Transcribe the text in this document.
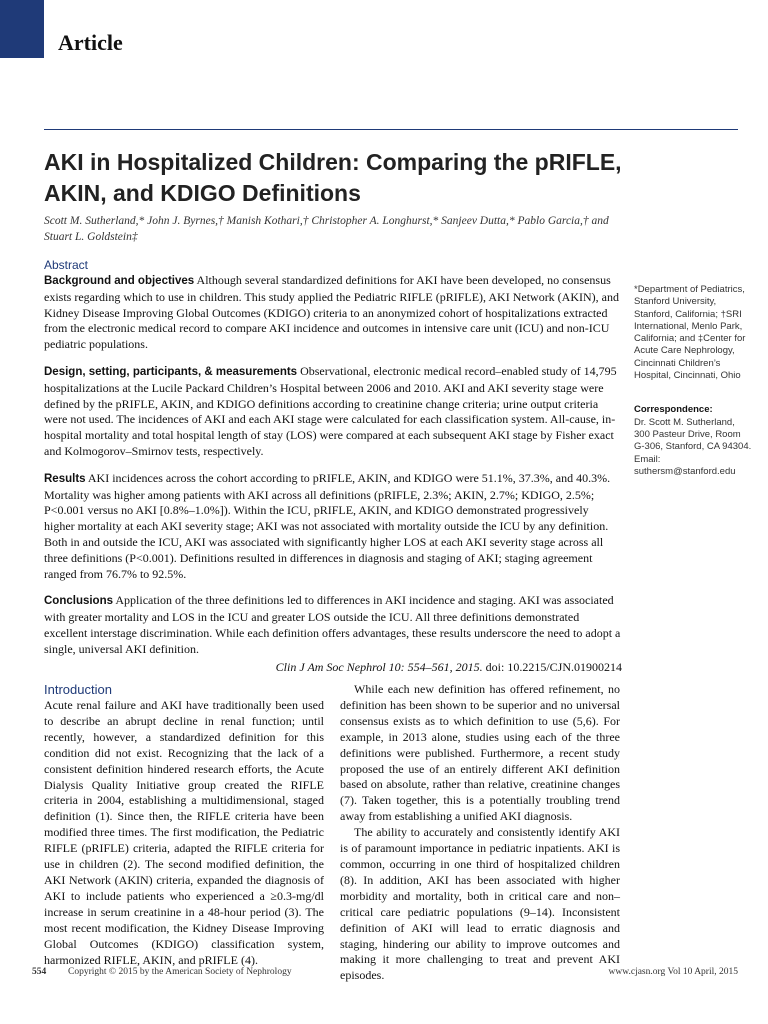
Article
AKI in Hospitalized Children: Comparing the pRIFLE, AKIN, and KDIGO Definitions
Scott M. Sutherland,* John J. Byrnes,† Manish Kothari,† Christopher A. Longhurst,* Sanjeev Dutta,* Pablo Garcia,† and Stuart L. Goldstein‡
Abstract

Background and objectives Although several standardized definitions for AKI have been developed, no consensus exists regarding which to use in children. This study applied the Pediatric RIFLE (pRIFLE), AKI Network (AKIN), and Kidney Disease Improving Global Outcomes (KDIGO) criteria to an anonymized cohort of hospitalizations extracted from the electronic medical record to compare AKI incidence and outcomes in intensive care unit (ICU) and non-ICU pediatric populations.

Design, setting, participants, & measurements Observational, electronic medical record–enabled study of 14,795 hospitalizations at the Lucile Packard Children’s Hospital between 2006 and 2010. AKI and AKI severity stage were defined by the pRIFLE, AKIN, and KDIGO definitions according to creatinine change criteria; urine output criteria were not used. The incidences of AKI and each AKI stage were calculated for each classification system. All-cause, in-hospital mortality and total hospital length of stay (LOS) were compared at each subsequent AKI stage by Fisher exact and Kolmogorov–Smirnov tests, respectively.

Results AKI incidences across the cohort according to pRIFLE, AKIN, and KDIGO were 51.1%, 37.3%, and 40.3%. Mortality was higher among patients with AKI across all definitions (pRIFLE, 2.3%; AKIN, 2.7%; KDIGO, 2.5%; P<0.001 versus no AKI [0.8%–1.0%]). Within the ICU, pRIFLE, AKIN, and KDIGO demonstrated progressively higher mortality at each AKI severity stage; AKI was not associated with mortality outside the ICU by any definition. Both in and outside the ICU, AKI was associated with significantly higher LOS at each AKI severity stage across all three definitions (P<0.001). Definitions resulted in differences in diagnosis and staging of AKI; staging agreement ranged from 76.7% to 92.5%.

Conclusions Application of the three definitions led to differences in AKI incidence and staging. AKI was associated with greater mortality and LOS in the ICU and greater LOS outside the ICU. All three definitions demonstrated excellent interstage discrimination. While each definition offers advantages, these results underscore the need to adopt a single, universal AKI definition.

Clin J Am Soc Nephrol 10: 554–561, 2015. doi: 10.2215/CJN.01900214

*Department of Pediatrics, Stanford University, Stanford, California; †SRI International, Menlo Park, California; and ‡Center for Acute Care Nephrology, Cincinnati Children’s Hospital, Cincinnati, Ohio
Correspondence:
Dr. Scott M. Sutherland, 300 Pasteur Drive, Room G-306, Stanford, CA 94304. Email: suthersm@stanford.edu
Introduction

Acute renal failure and AKI have traditionally been used to describe an abrupt decline in renal function; until recently, however, a standardized definition for this condition did not exist. Recognizing that the lack of a consistent definition hindered research efforts, the Acute Dialysis Quality Initiative group created the RIFLE criteria in 2004, establishing a multidimensional, staged definition (1). Since then, the RIFLE criteria have been modified three times. The first modification, the Pediatric RIFLE (pRIFLE) criteria, adapted the RIFLE criteria for use in children (2). The second modified definition, the AKI Network (AKIN) criteria, expanded the diagnosis of AKI to include patients who experienced a ≥0.3-mg/dl increase in serum creatinine in a 48-hour period (3). The most recent modification, the Kidney Disease Improving Global Outcomes (KDIGO) classification system, harmonized RIFLE, AKIN, and pRIFLE (4).

While each new definition has offered refinement, no definition has been shown to be superior and no universal consensus exists as to which definition to use (5,6). For example, in 2013 alone, studies using each of the three definitions were published. Furthermore, a recent study proposed the use of an entirely different AKI definition based on absolute, rather than relative, creatinine changes (7). Taken together, this is a potentially troubling trend away from establishing a unified AKI diagnosis.

The ability to accurately and consistently identify AKI is of paramount importance in pediatric inpatients. AKI is common, occurring in one third of hospitalized children (8). In addition, AKI has been associated with higher morbidity and mortality, both in critical care and non–critical care pediatric populations (9–14). Inconsistent definition of AKI will lead to erratic diagnosis and staging, hindering our ability to improve outcomes and making it more challenging to treat and prevent AKI episodes.

554 Copyright © 2015 by the American Society of Nephrology	www.cjasn.org Vol 10 April, 2015
